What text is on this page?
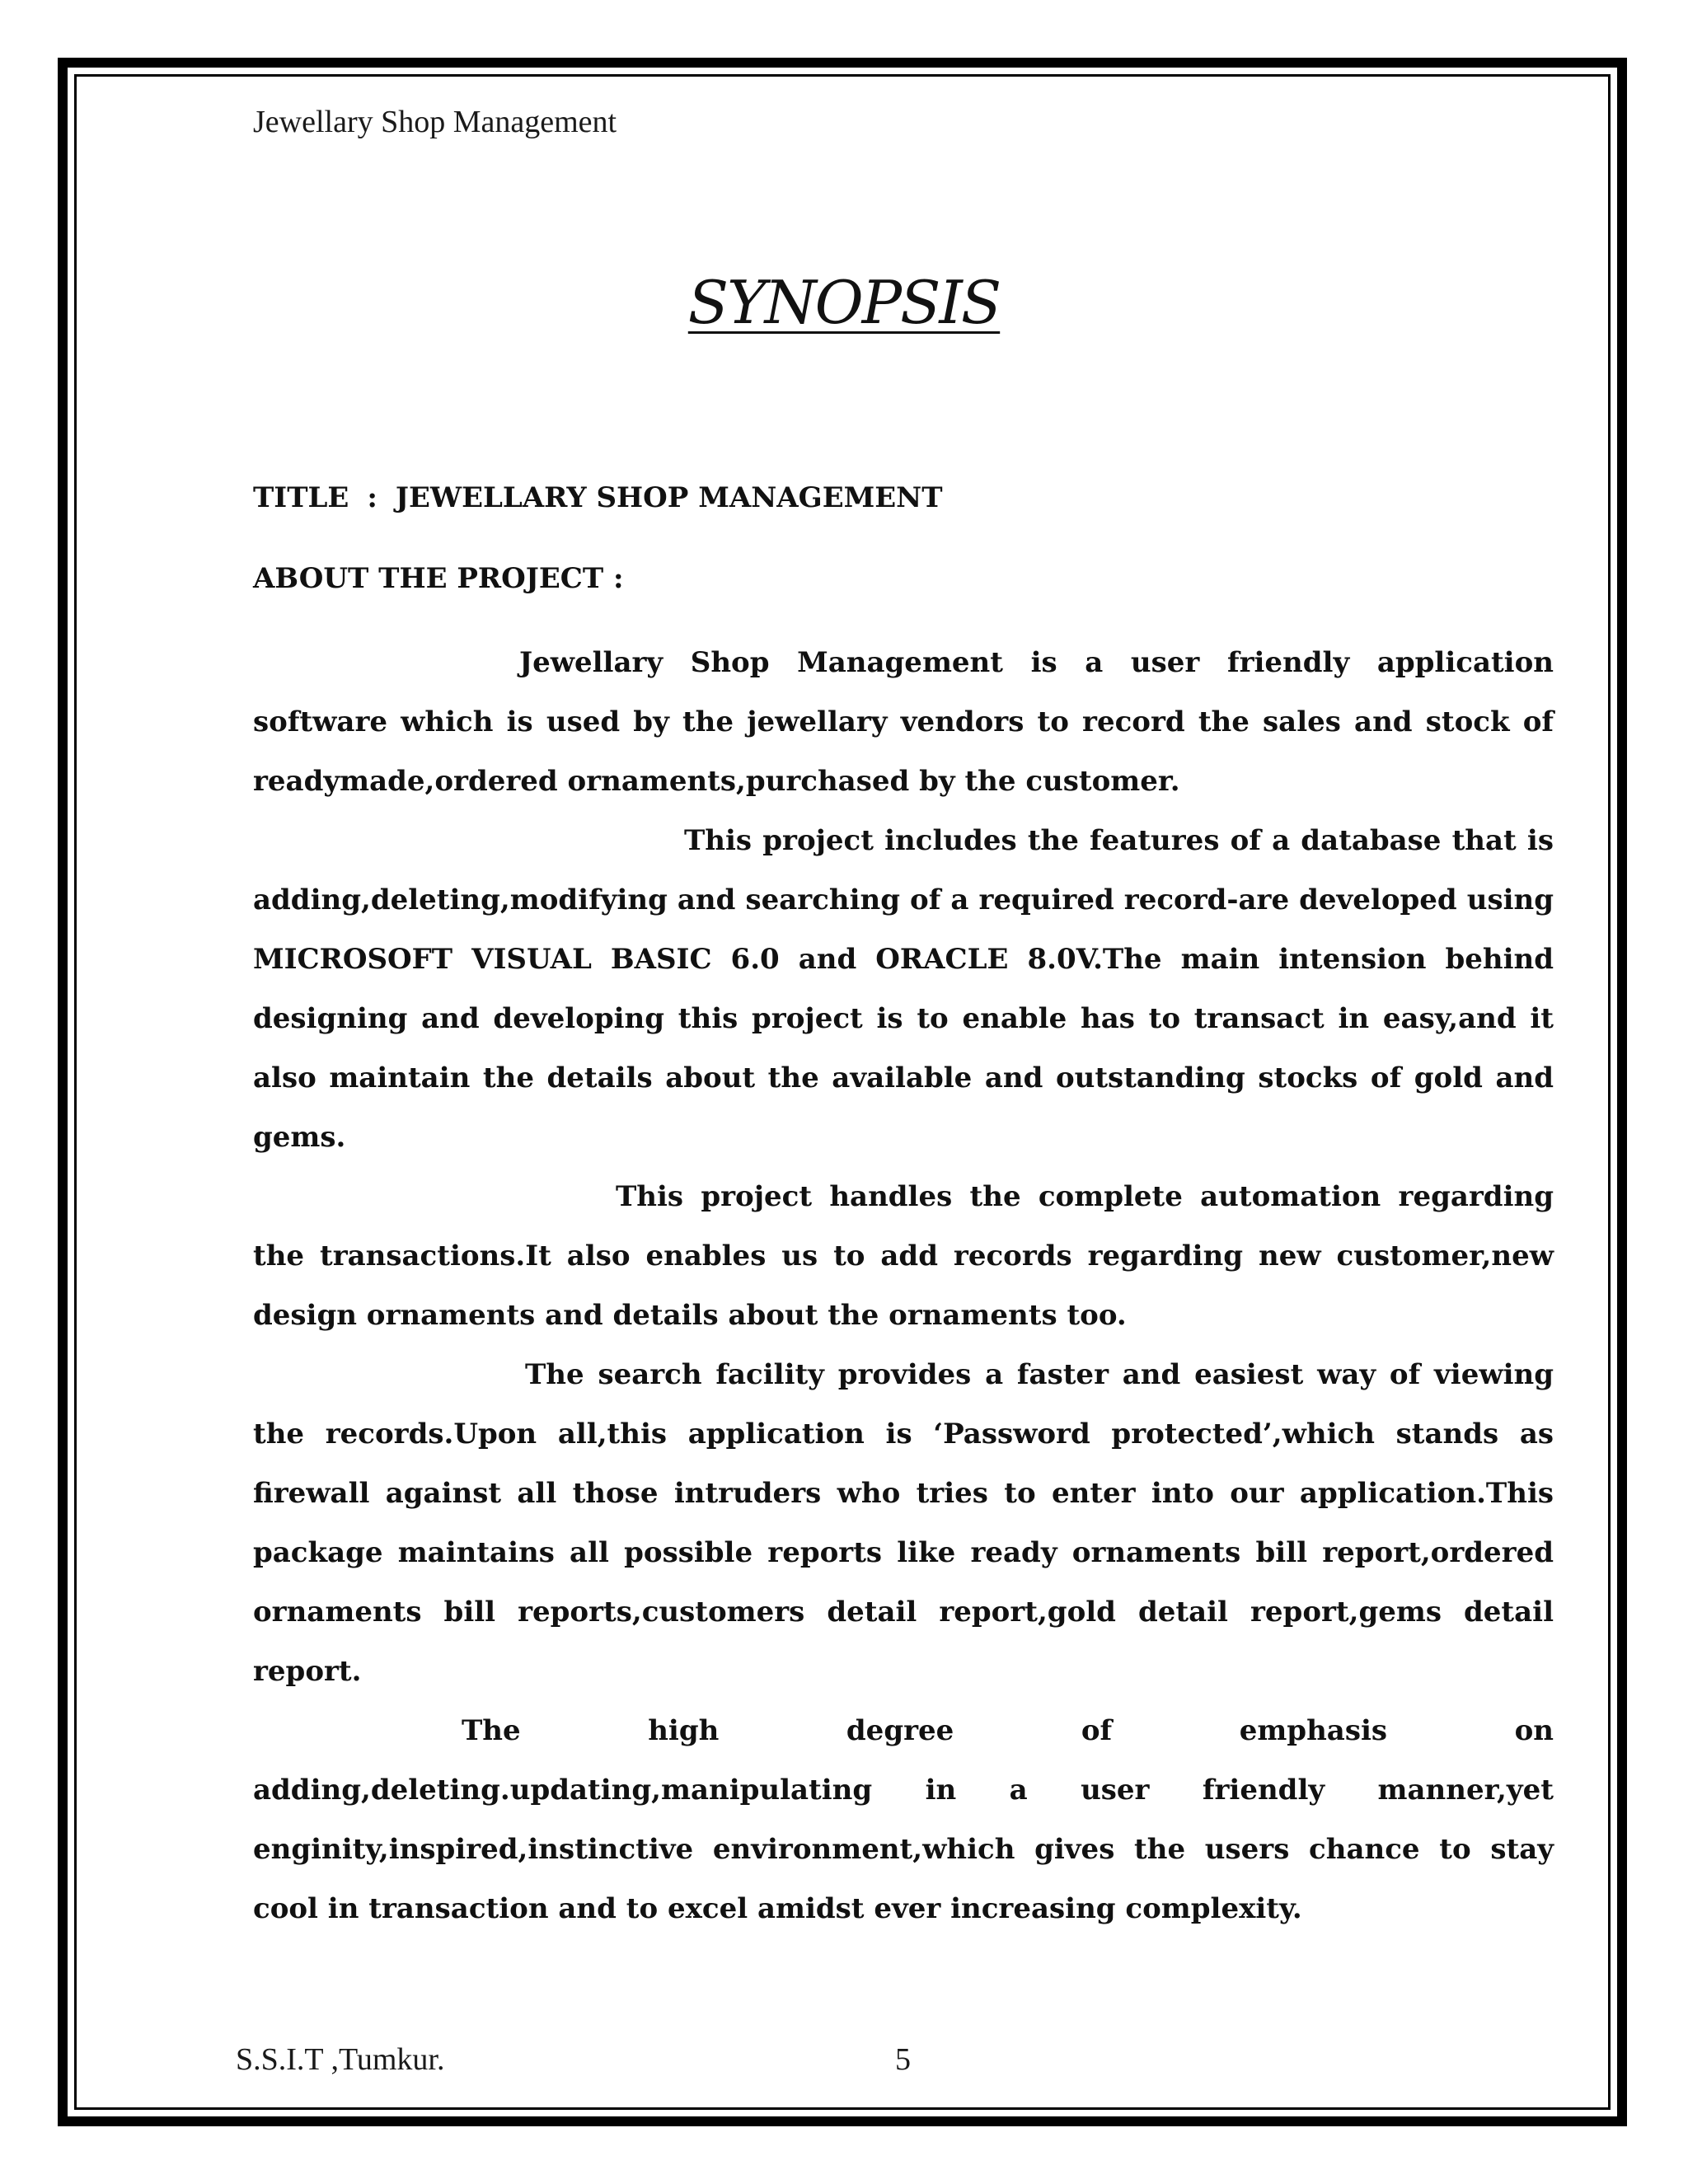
Jewellary Shop Management
SYNOPSIS

TITLE : JEWELLARY SHOP MANAGEMENT

ABOUT THE PROJECT :

Jewellary Shop Management is a user friendly application software which is used by the jewellary vendors to record the sales and stock of readymade,ordered ornaments,purchased by the customer.

This project includes the features of a database that is adding,deleting,modifying and searching of a required record-are developed using MICROSOFT VISUAL BASIC 6.0 and ORACLE 8.0V.The main intension behind designing and developing this project is to enable has to transact in easy,and it also maintain the details about the available and outstanding stocks of gold and gems.

This project handles the complete automation regarding the transactions.It also enables us to add records regarding new customer,new design ornaments and details about the ornaments too.

The search facility provides a faster and easiest way of viewing the records.Upon all,this application is ‘Password protected’,which stands as firewall against all those intruders who tries to enter into our application.This package maintains all possible reports like ready ornaments bill report,ordered ornaments bill reports,customers detail report,gold detail report,gems detail report.

The high degree of emphasis on adding,deleting.updating,manipulating in a user friendly manner,yet enginity,inspired,instinctive environment,which gives the users chance to stay cool in transaction and to excel amidst ever increasing complexity.

S.S.I.T ,Tumkur.	5
